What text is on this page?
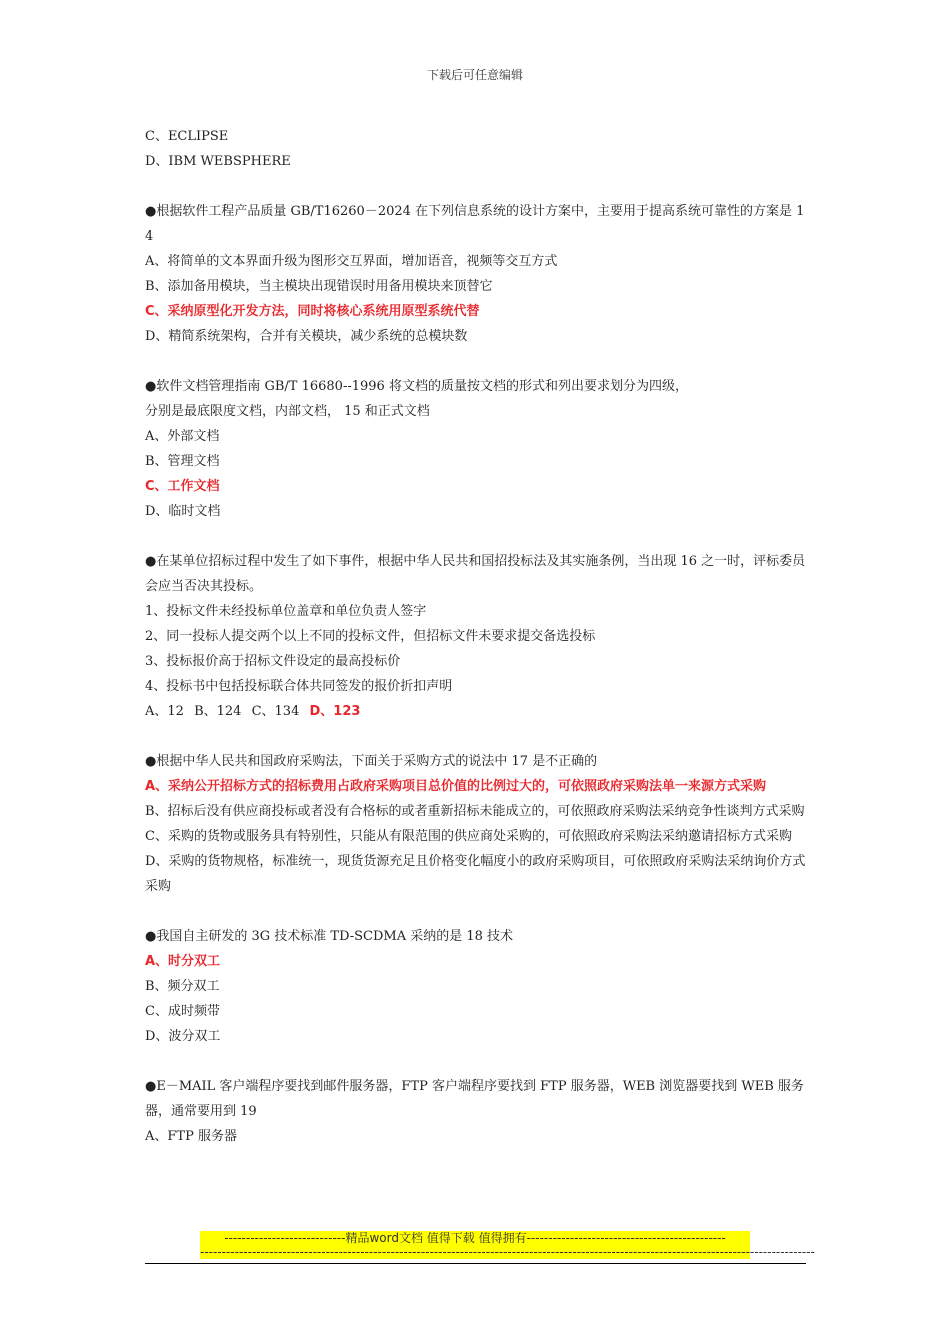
下载后可任意编辑

C、ECLIPSE

D、IBM WEBSPHERE

●根据软件工程产品质量 GB/T16260－2024 在下列信息系统的设计方案中，主要用于提高系统可靠性的方案是 14

A、将简单的文本界面升级为图形交互界面，增加语音，视频等交互方式

B、添加备用模块，当主模块出现错误时用备用模块来顶替它

C、采纳原型化开发方法，同时将核心系统用原型系统代替

D、精简系统架构，合并有关模块，减少系统的总模块数

●软件文档管理指南 GB/T 16680--1996 将文档的质量按文档的形式和列出要求划分为四级，

分别是最底限度文档，内部文档， 15 和正式文档

A、外部文档

B、管理文档

C、工作文档

D、临时文档

●在某单位招标过程中发生了如下事件，根据中华人民共和国招投标法及其实施条例，当出现 16 之一时，评标委员会应当否决其投标。

1、投标文件未经投标单位盖章和单位负责人签字

2、同一投标人提交两个以上不同的投标文件，但招标文件未要求提交备选投标

3、投标报价高于招标文件设定的最高投标价

4、投标书中包括投标联合体共同签发的报价折扣声明

A、12 B、124 C、134 D、123

●根据中华人民共和国政府采购法，下面关于采购方式的说法中 17 是不正确的

A、采纳公开招标方式的招标费用占政府采购项目总价值的比例过大的，可依照政府采购法单一来源方式采购

B、招标后没有供应商投标或者没有合格标的或者重新招标未能成立的，可依照政府采购法采纳竞争性谈判方式采购

C、采购的货物或服务具有特别性，只能从有限范围的供应商处采购的，可依照政府采购法采纳邀请招标方式采购

D、采购的货物规格，标准统一，现货货源充足且价格变化幅度小的政府采购项目，可依照政府采购法采纳询价方式采购

●我国自主研发的 3G 技术标准 TD-SCDMA 采纳的是 18 技术

A、时分双工

B、频分双工

C、成时频带

D、波分双工

●E－MAIL 客户端程序要找到邮件服务器，FTP 客户端程序要找到 FTP 服务器，WEB 浏览器要找到 WEB 服务器，通常要用到 19

A、FTP 服务器

----------------------------精品word文档 值得下载 值得拥有----------------------------------------------
----------------------------------------------------------------------------------------------------------------------------------------------
